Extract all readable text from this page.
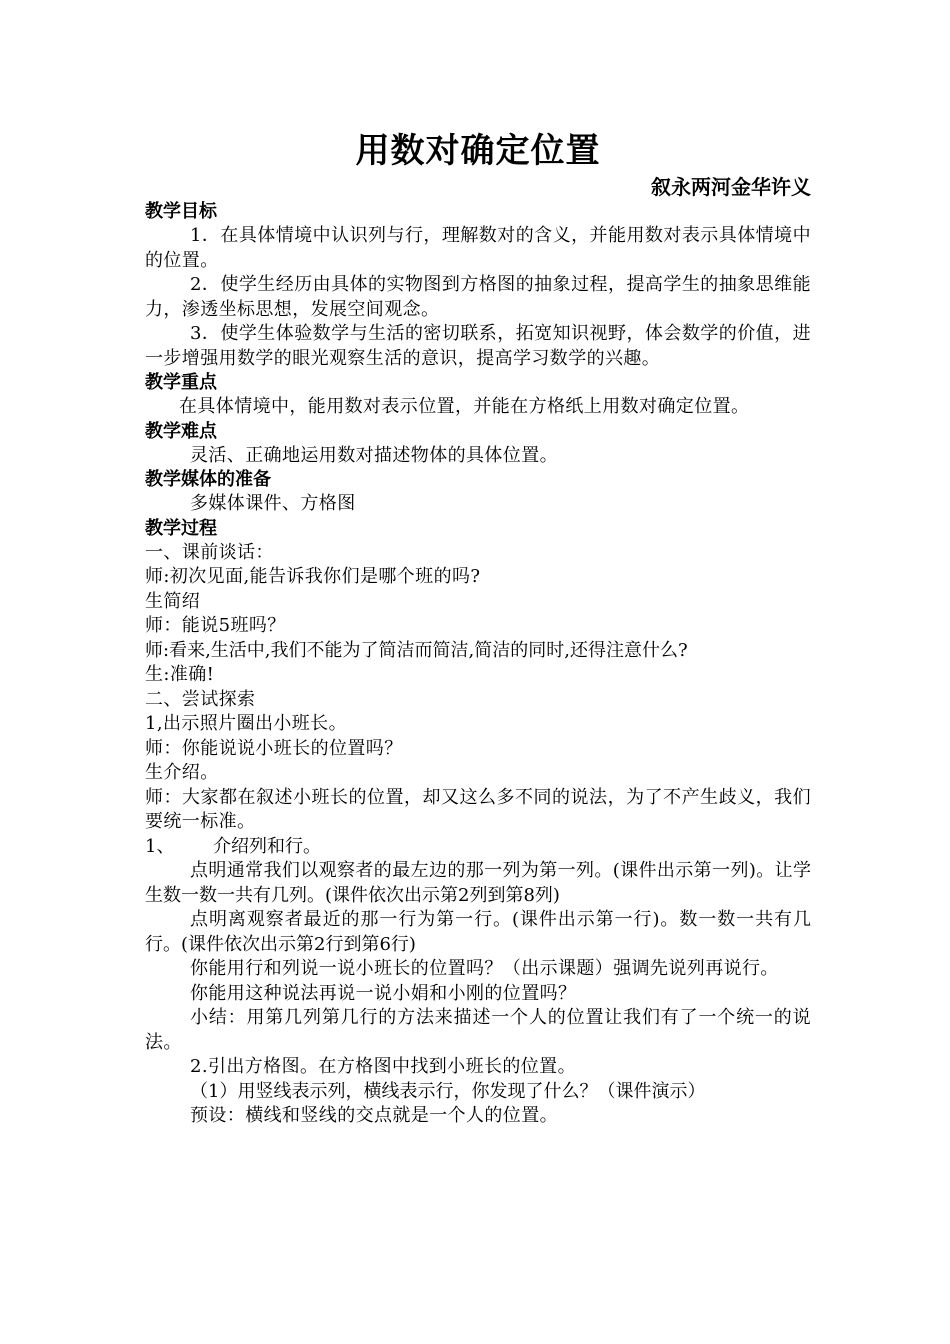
用数对确定位置

叙永两河金华许义

教学目标

1．在具体情境中认识列与行，理解数对的含义，并能用数对表示具体情境中的位置。

2．使学生经历由具体的实物图到方格图的抽象过程，提高学生的抽象思维能力，渗透坐标思想，发展空间观念。

3．使学生体验数学与生活的密切联系，拓宽知识视野，体会数学的价值，进一步增强用数学的眼光观察生活的意识，提高学习数学的兴趣。

教学重点

在具体情境中，能用数对表示位置，并能在方格纸上用数对确定位置。

教学难点

灵活、正确地运用数对描述物体的具体位置。

教学媒体的准备

多媒体课件、方格图

教学过程

一、课前谈话：

师:初次见面,能告诉我你们是哪个班的吗?

生简绍

师：能说5班吗？

师:看来,生活中,我们不能为了简洁而简洁,简洁的同时,还得注意什么?

生:准确!

二、尝试探索

1,出示照片圈出小班长。

师：你能说说小班长的位置吗？

生介绍。

师：大家都在叙述小班长的位置，却又这么多不同的说法，为了不产生歧义，我们要统一标准。

1、	介绍列和行。

点明通常我们以观察者的最左边的那一列为第一列。(课件出示第一列)。让学生数一数一共有几列。(课件依次出示第2列到第8列)

点明离观察者最近的那一行为第一行。(课件出示第一行)。数一数一共有几行。(课件依次出示第2行到第6行)

你能用行和列说一说小班长的位置吗？（出示课题）强调先说列再说行。

你能用这种说法再说一说小娟和小刚的位置吗？

小结：用第几列第几行的方法来描述一个人的位置让我们有了一个统一的说法。

2.引出方格图。在方格图中找到小班长的位置。

（1）用竖线表示列，横线表示行，你发现了什么？（课件演示）

预设：横线和竖线的交点就是一个人的位置。
